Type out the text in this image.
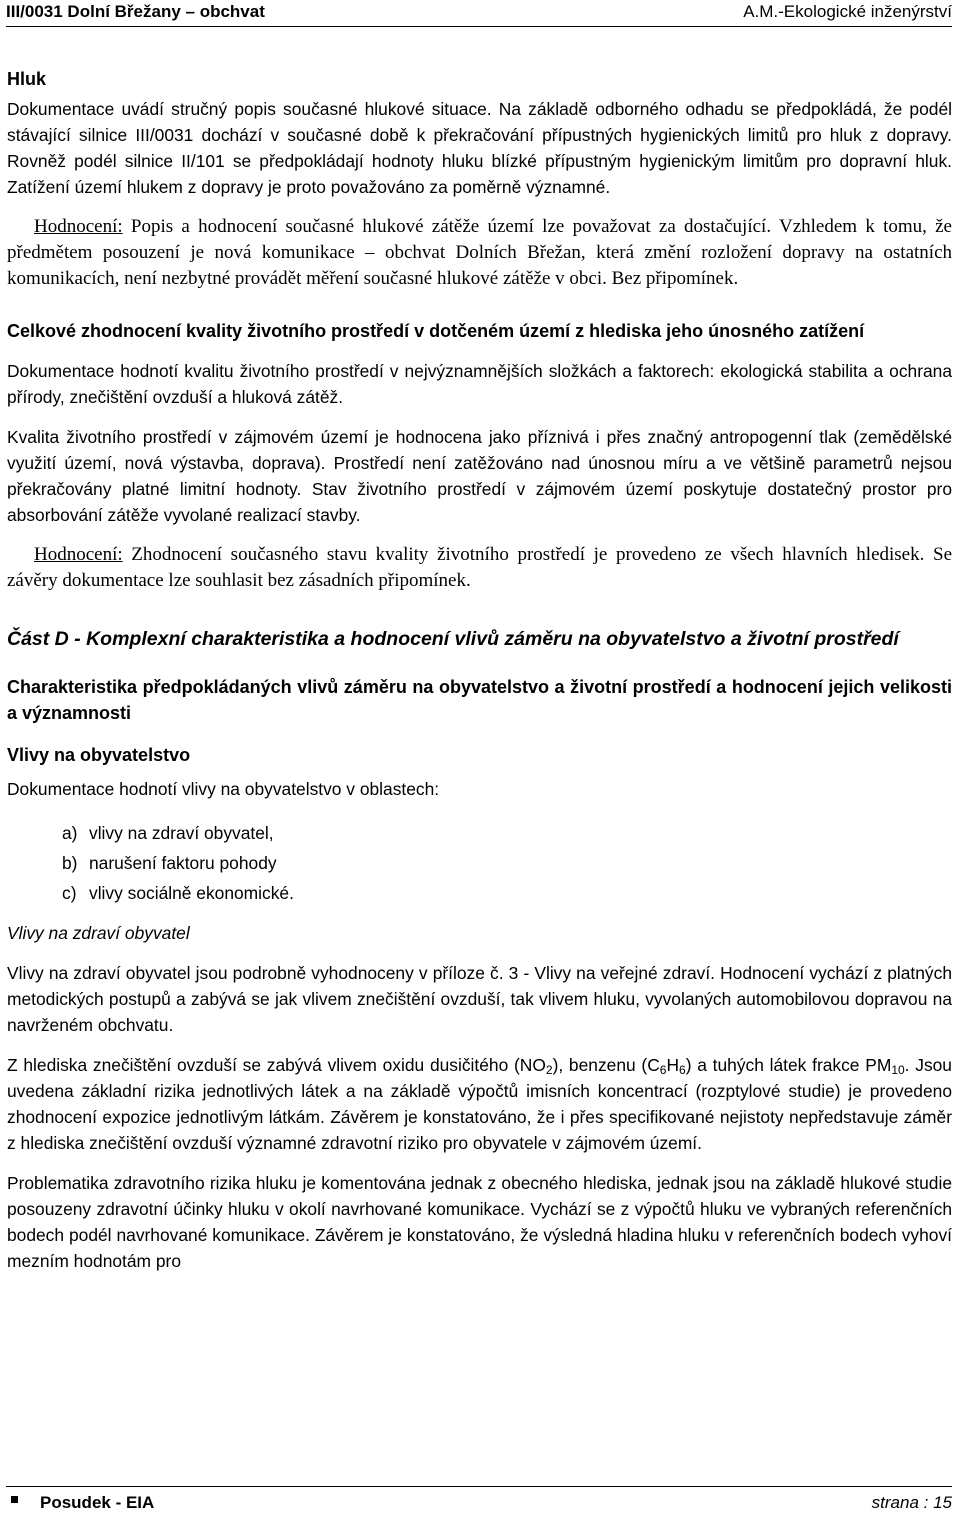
III/0031 Dolní Břežany – obchvat	A.M.-Ekologické inženýrství
Hluk

Dokumentace uvádí stručný popis současné hlukové situace. Na základě odborného odhadu se předpokládá, že podél stávající silnice III/0031 dochází v současné době k překračování přípustných hygienických limitů pro hluk z dopravy. Rovněž podél silnice II/101 se předpokládají hodnoty hluku blízké přípustným hygienickým limitům pro dopravní hluk. Zatížení území hlukem z dopravy je proto považováno za poměrně významné.

Hodnocení: Popis a hodnocení současné hlukové zátěže území lze považovat za dostačující. Vzhledem k tomu, že předmětem posouzení je nová komunikace – obchvat Dolních Břežan, která změní rozložení dopravy na ostatních komunikacích, není nezbytné provádět měření současné hlukové zátěže v obci. Bez připomínek.

Celkové zhodnocení kvality životního prostředí v dotčeném území z hlediska jeho únosného zatížení

Dokumentace hodnotí kvalitu životního prostředí v nejvýznamnějších složkách a faktorech: ekologická stabilita a ochrana přírody, znečištění ovzduší a hluková zátěž.

Kvalita životního prostředí v zájmovém území je hodnocena jako příznivá i přes značný antropogenní tlak (zemědělské využití území, nová výstavba, doprava). Prostředí není zatěžováno nad únosnou míru a ve většině parametrů nejsou překračovány platné limitní hodnoty. Stav životního prostředí v zájmovém území poskytuje dostatečný prostor pro absorbování zátěže vyvolané realizací stavby.

Hodnocení: Zhodnocení současného stavu kvality životního prostředí je provedeno ze všech hlavních hledisek. Se závěry dokumentace lze souhlasit bez zásadních připomínek.

Část D - Komplexní charakteristika a hodnocení vlivů záměru na obyvatelstvo a životní prostředí

Charakteristika předpokládaných vlivů záměru na obyvatelstvo a životní prostředí a hodnocení jejich velikosti a významnosti

Vlivy na obyvatelstvo

Dokumentace hodnotí vlivy na obyvatelstvo v oblastech:

a) vlivy na zdraví obyvatel,
b) narušení faktoru pohody
c) vlivy sociálně ekonomické.

Vlivy na zdraví obyvatel

Vlivy na zdraví obyvatel jsou podrobně vyhodnoceny v příloze č. 3 - Vlivy na veřejné zdraví. Hodnocení vychází z platných metodických postupů a zabývá se jak vlivem znečištění ovzduší, tak vlivem hluku, vyvolaných automobilovou dopravou na navrženém obchvatu.

Z hlediska znečištění ovzduší se zabývá vlivem oxidu dusičitého $(NO_2)$, benzenu $(C_6H_6)$ a tuhých látek frakce $PM_{10}$. Jsou uvedena základní rizika jednotlivých látek a na základě výpočtů imisních koncentrací (rozptylové studie) je provedeno zhodnocení expozice jednotlivým látkám. Závěrem je konstatováno, že i přes specifikované nejistoty nepředstavuje záměr z hlediska znečištění ovzduší významné zdravotní riziko pro obyvatele v zájmovém území.

Problematika zdravotního rizika hluku je komentována jednak z obecného hlediska, jednak jsou na základě hlukové studie posouzeny zdravotní účinky hluku v okolí navrhované komunikace. Vychází se z výpočtů hluku ve vybraných referenčních bodech podél navrhované komunikace. Závěrem je konstatováno, že výsledná hladina hluku v referenčních bodech vyhoví mezním hodnotám pro

Posudek - EIA	strana : 15
